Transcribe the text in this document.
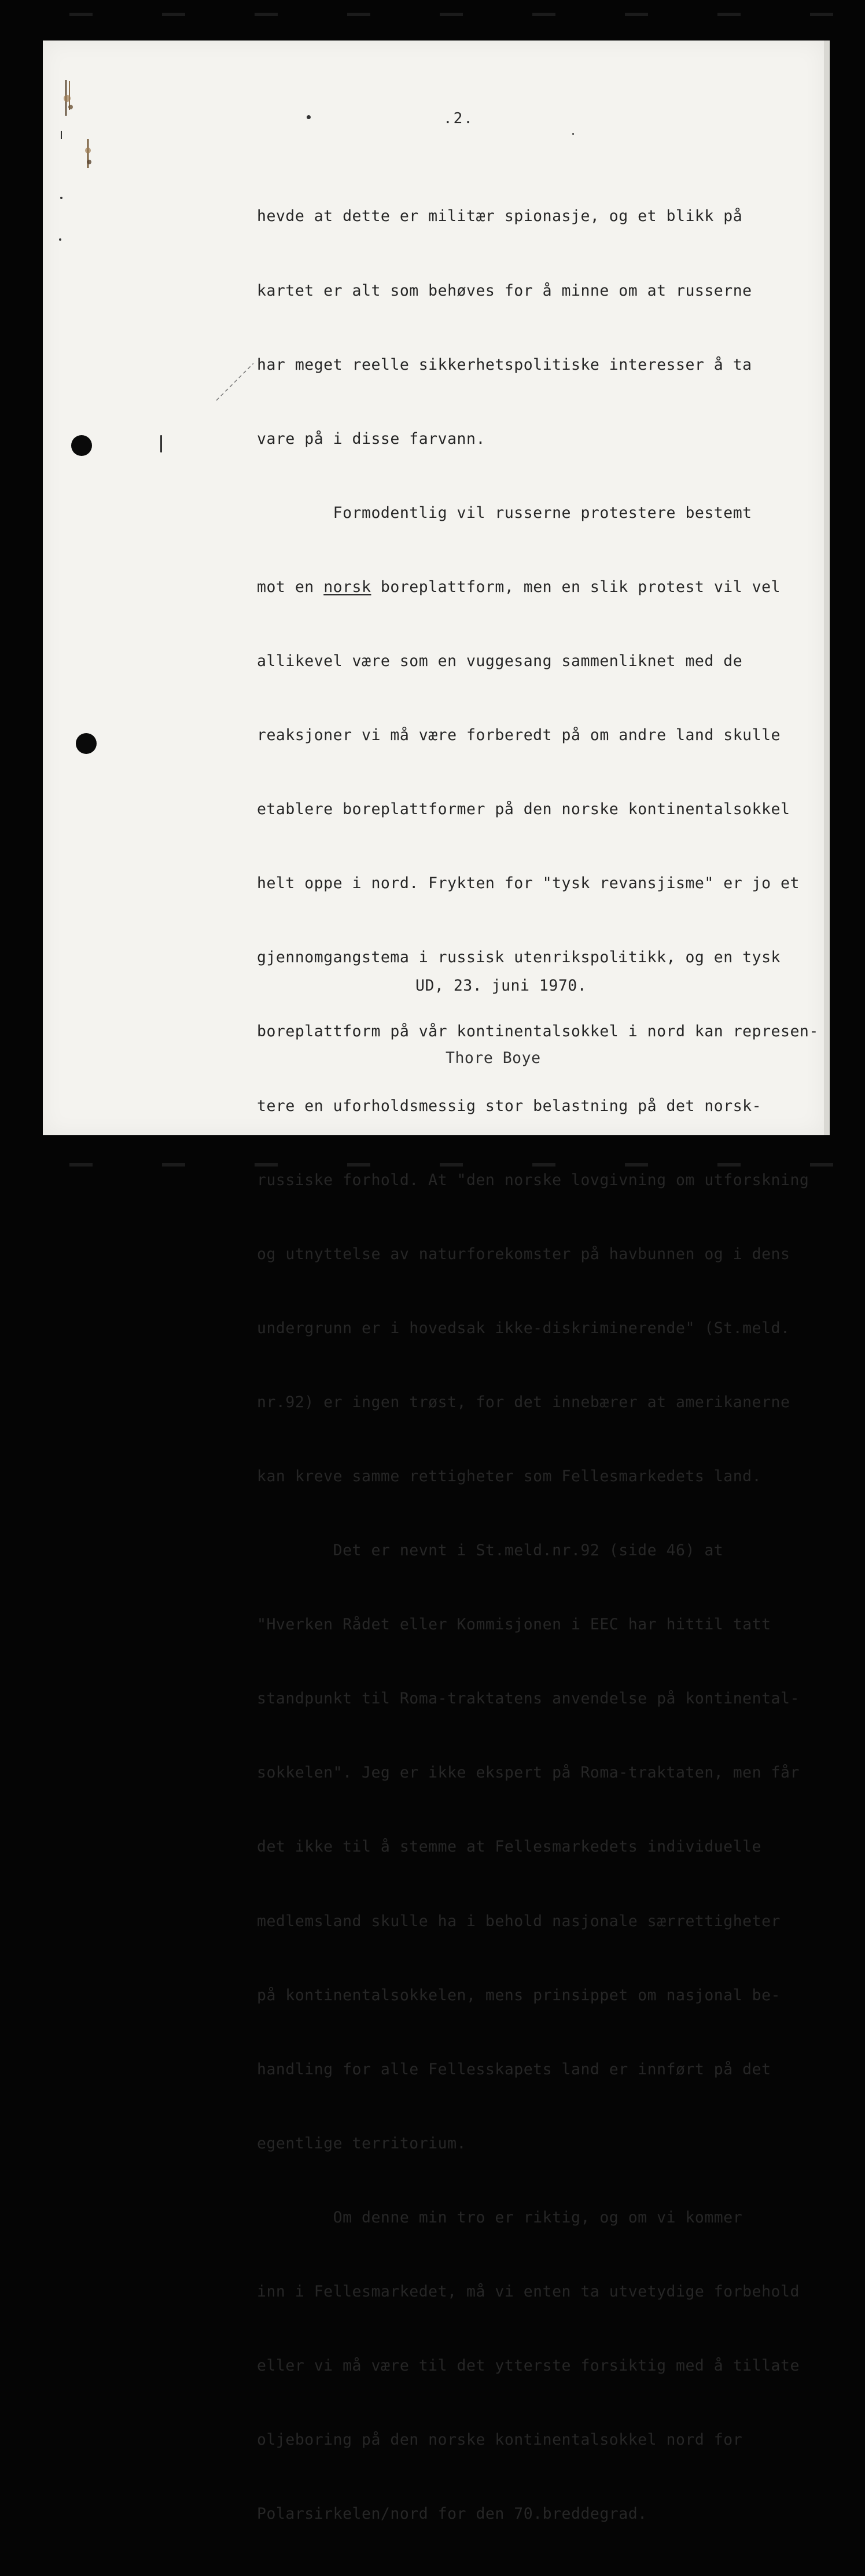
.2.

hevde at dette er militær spionasje, og et blikk på

kartet er alt som behøves for å minne om at russerne

har meget reelle sikkerhetspolitiske interesser å ta

vare på i disse farvann.

Formodentlig vil russerne protestere bestemt

mot en norsk boreplattform, men en slik protest vil vel

allikevel være som en vuggesang sammenliknet med de

reaksjoner vi må være forberedt på om andre land skulle

etablere boreplattformer på den norske kontinentalsokkel

helt oppe i nord. Frykten for "tysk revansjisme" er jo et

gjennomgangstema i russisk utenrikspolitikk, og en tysk

boreplattform på vår kontinentalsokkel i nord kan represen-

tere en uforholdsmessig stor belastning på det norsk-

russiske forhold. At "den norske lovgivning om utforskning

og utnyttelse av naturforekomster på havbunnen og i dens

undergrunn er i hovedsak ikke-diskriminerende" (St.meld.

nr.92) er ingen trøst, for det innebærer at amerikanerne

kan kreve samme rettigheter som Fellesmarkedets land.

Det er nevnt i St.meld.nr.92 (side 46) at

"Hverken Rådet eller Kommisjonen i EEC har hittil tatt

standpunkt til Roma-traktatens anvendelse på kontinental-

sokkelen". Jeg er ikke ekspert på Roma-traktaten, men får

det ikke til å stemme at Fellesmarkedets individuelle

medlemsland skulle ha i behold nasjonale særrettigheter

på kontinentalsokkelen, mens prinsippet om nasjonal be-

handling for alle Fellesskapets land er innført på det

egentlige territorium.

Om denne min tro er riktig, og om vi kommer

inn i Fellesmarkedet, må vi enten ta utvetydige forbehold

eller vi må være til det ytterste forsiktig med å tillate

oljeboring på den norske kontinentalsokkel nord for

Polarsirkelen/nord for den 70.breddegrad.

UD, 23. juni 1970.
Thore Boye
